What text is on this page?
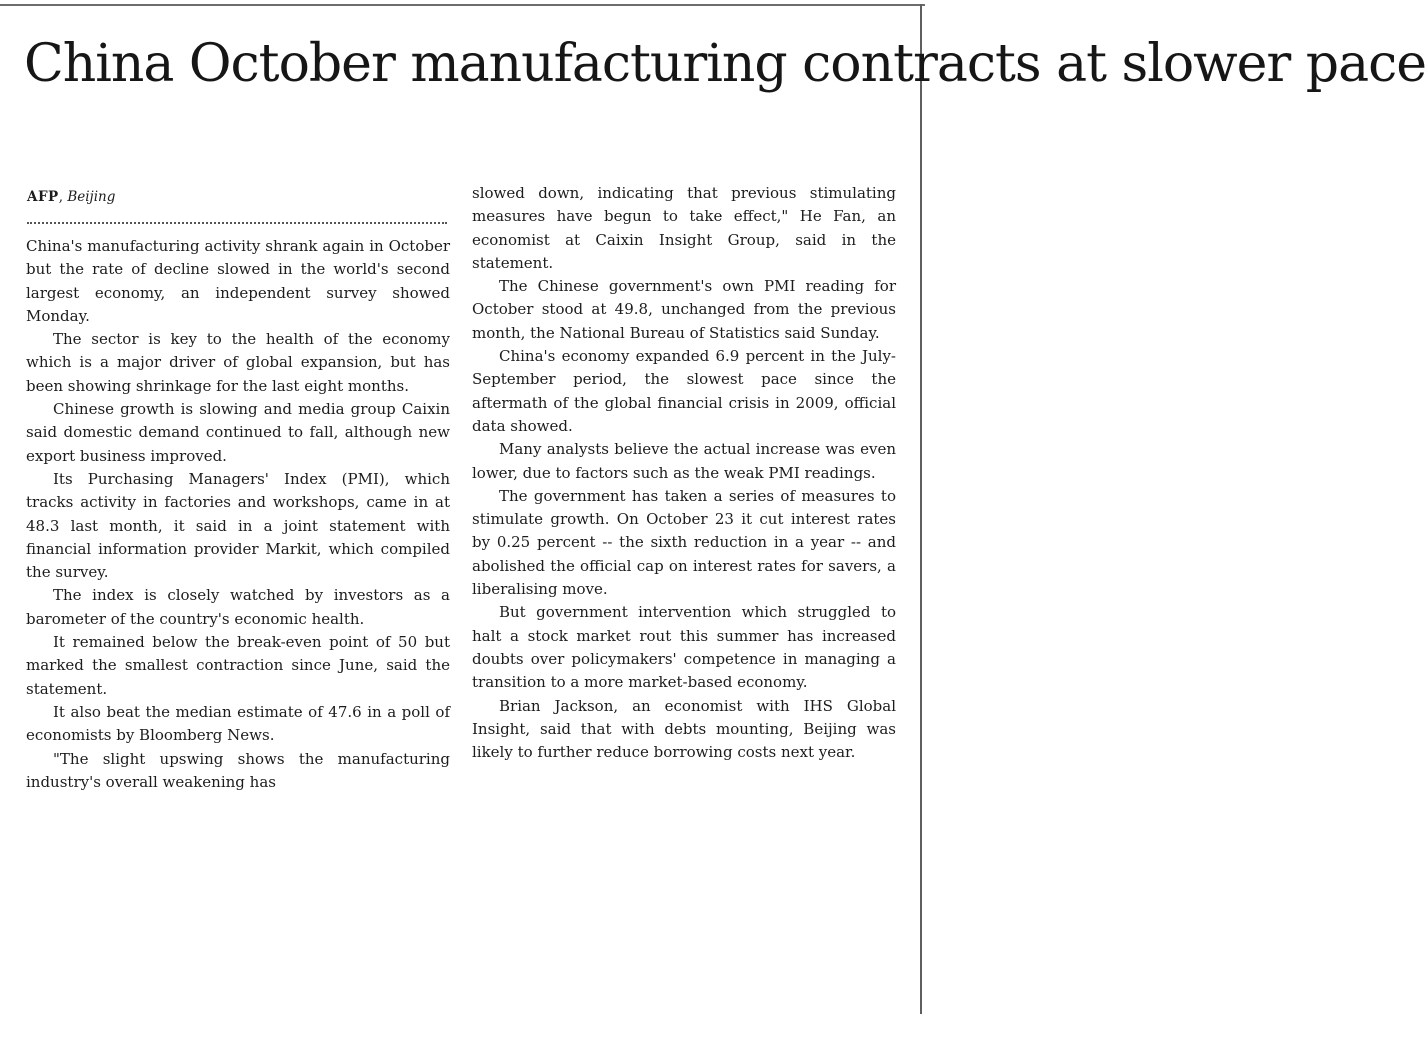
China October manufacturing contracts at slower pace
AFP, Beijing

China's manufacturing activity shrank again in October but the rate of decline slowed in the world's second largest economy, an independent survey showed Monday.

The sector is key to the health of the economy which is a major driver of global expansion, but has been showing shrinkage for the last eight months.

Chinese growth is slowing and media group Caixin said domestic demand continued to fall, although new export business improved.

Its Purchasing Managers' Index (PMI), which tracks activity in factories and workshops, came in at 48.3 last month, it said in a joint statement with financial information provider Markit, which compiled the survey.

The index is closely watched by investors as a barometer of the country's economic health.

It remained below the break-even point of 50 but marked the smallest contraction since June, said the statement.

It also beat the median estimate of 47.6 in a poll of economists by Bloomberg News.

"The slight upswing shows the manufacturing industry's overall weakening has

slowed down, indicating that previous stimulating measures have begun to take effect," He Fan, an economist at Caixin Insight Group, said in the statement.

The Chinese government's own PMI reading for October stood at 49.8, unchanged from the previous month, the National Bureau of Statistics said Sunday.

China's economy expanded 6.9 percent in the July-September period, the slowest pace since the aftermath of the global financial crisis in 2009, official data showed.

Many analysts believe the actual increase was even lower, due to factors such as the weak PMI readings.

The government has taken a series of measures to stimulate growth. On October 23 it cut interest rates by 0.25 percent -- the sixth reduction in a year -- and abolished the official cap on interest rates for savers, a liberalising move.

But government intervention which struggled to halt a stock market rout this summer has increased doubts over policymakers' competence in managing a transition to a more market-based economy.

Brian Jackson, an economist with IHS Global Insight, said that with debts mounting, Beijing was likely to further reduce borrowing costs next year.
